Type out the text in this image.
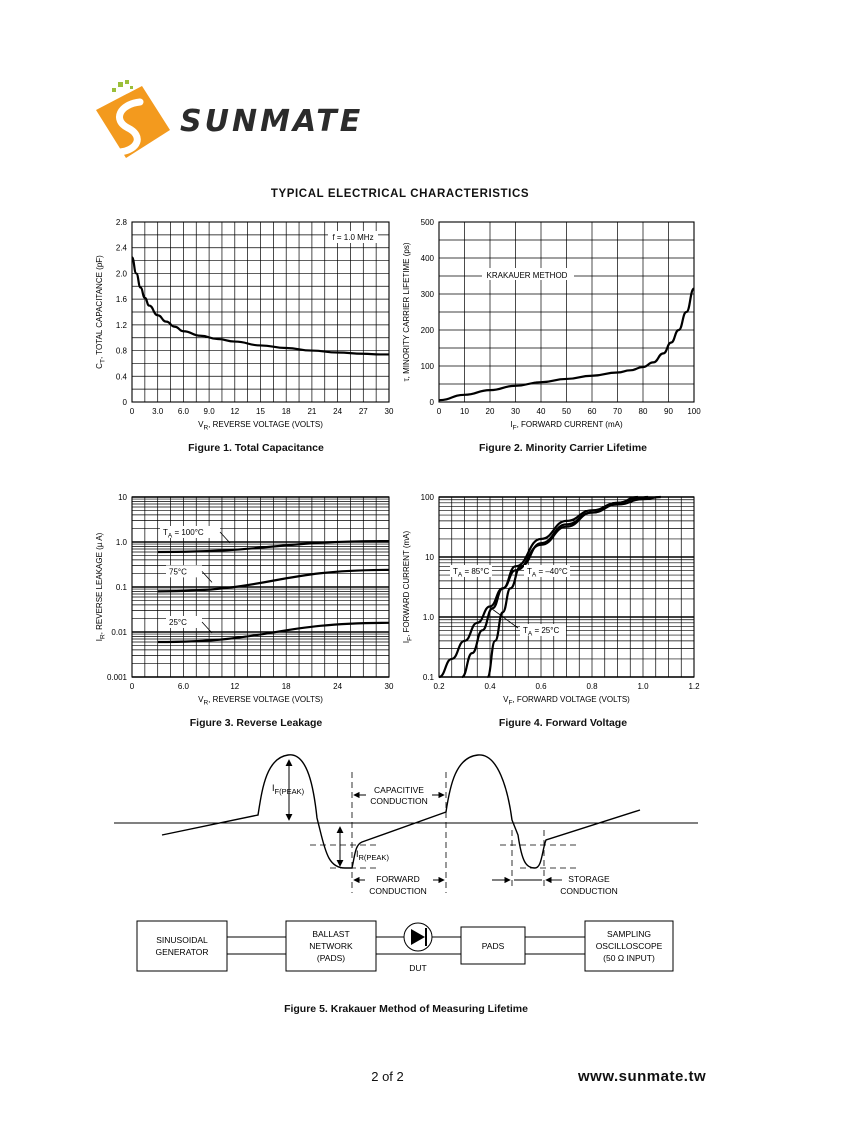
SUNMATE
TYPICAL ELECTRICAL CHARACTERISTICS
0 3.0 6.0 9.0 12 15 18 21 24 27 30
0
0.4
0.8
1.2
1.6
2.0
2.4
2.8
$V_R$, REVERSE VOLTAGE (VOLTS)
$C_T$, TOTAL CAPACITANCE (pF)
f = 1.0 MHz
0 10 20 30 40 50 60 70 80 90 100
0
100
200
300
400
500
$I_F$, FORWARD CURRENT (mA)
τ, MINORITY CARRIER LIFETIME (ps)	KRAKAUER METHOD
0	6.0	12	18	24	30
0.001
0.01
0.1
1.0
10
$V_R$, REVERSE VOLTAGE (VOLTS)
$I_R$, REVERSE LEAKAGE (µ A)
$T_A = 100^\circ C$
75°C
25°C
0.2	0.4	0.6	0.8	1.0	1.2
0.1
1.0
10
100
$V_F$, FORWARD VOLTAGE (VOLTS)
$I_F$, FORWARD CURRENT (mA)	$T_A = 85^\circ C$	$T_A = -40^\circ C$
$T_A = 25^\circ C$
Figure 1. Total Capacitance	Figure 2. Minority Carrier Lifetime
Figure 3. Reverse Leakage	Figure 4. Forward Voltage
$I_{F(PEAK)}$
$I_{R(PEAK)}$
CAPACITIVE
CONDUCTION
FORWARD
CONDUCTION
STORAGE
CONDUCTION
SINUSOIDAL
GENERATOR
BALLAST
NETWORK
(PADS)
DUT
PADS
SAMPLING
OSCILLOSCOPE
(50 Ω INPUT)
Figure 5. Krakauer Method of Measuring Lifetime
2 of 2	www.sunmate.tw
